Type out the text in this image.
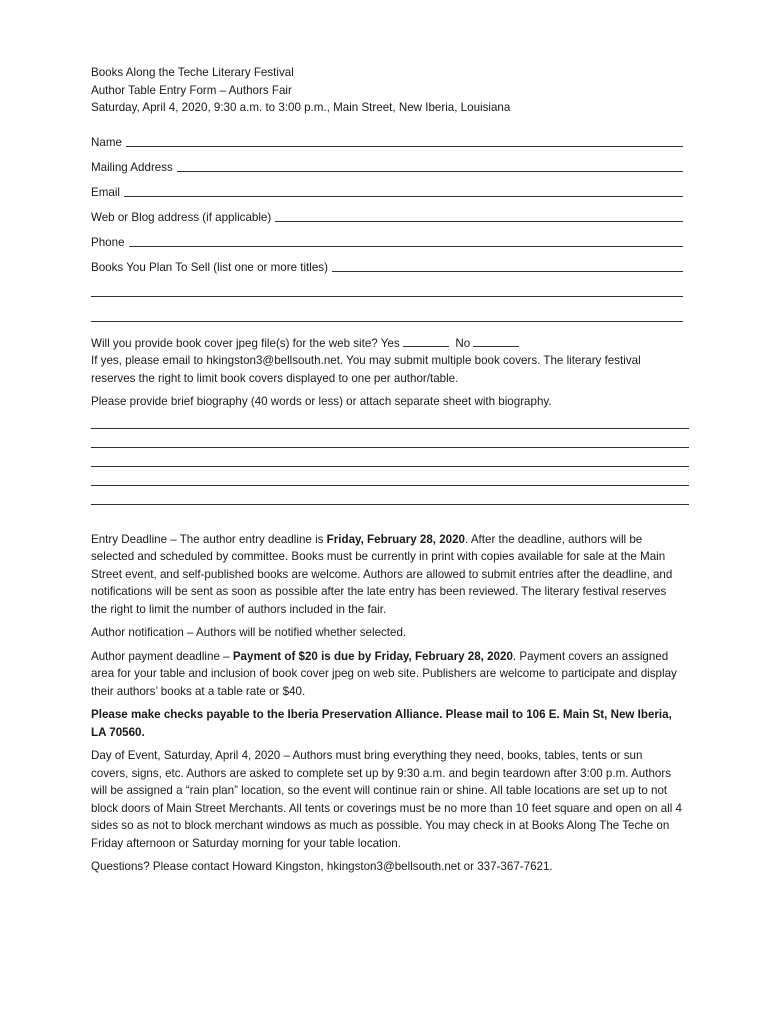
Books Along the Teche Literary Festival
Author Table Entry Form – Authors Fair
Saturday, April 4, 2020, 9:30 a.m. to 3:00 p.m., Main Street, New Iberia, Louisiana
Name
Mailing Address
Email
Web or Blog address (if applicable)
Phone
Books You Plan To Sell (list one or more titles)

Will you provide book cover jpeg file(s) for the web site? Yes	No

If yes, please email to hkingston3@bellsouth.net. You may submit multiple book covers. The literary festival reserves the right to limit book covers displayed to one per author/table.

Please provide brief biography (40 words or less) or attach separate sheet with biography.

Entry Deadline – The author entry deadline is Friday, February 28, 2020. After the deadline, authors will be selected and scheduled by committee. Books must be currently in print with copies available for sale at the Main Street event, and self-published books are welcome. Authors are allowed to submit entries after the deadline, and notifications will be sent as soon as possible after the late entry has been reviewed. The literary festival reserves the right to limit the number of authors included in the fair.

Author notification – Authors will be notified whether selected.

Author payment deadline – Payment of $20 is due by Friday, February 28, 2020. Payment covers an assigned area for your table and inclusion of book cover jpeg on web site. Publishers are welcome to participate and display their authors’ books at a table rate or $40.

Please make checks payable to the Iberia Preservation Alliance. Please mail to 106 E. Main St, New Iberia, LA 70560.

Day of Event, Saturday, April 4, 2020 – Authors must bring everything they need, books, tables, tents or sun covers, signs, etc. Authors are asked to complete set up by 9:30 a.m. and begin teardown after 3:00 p.m. Authors will be assigned a “rain plan” location, so the event will continue rain or shine. All table locations are set up to not block doors of Main Street Merchants. All tents or coverings must be no more than 10 feet square and open on all 4 sides so as not to block merchant windows as much as possible. You may check in at Books Along The Teche on Friday afternoon or Saturday morning for your table location.

Questions? Please contact Howard Kingston, hkingston3@bellsouth.net or 337-367-7621.
